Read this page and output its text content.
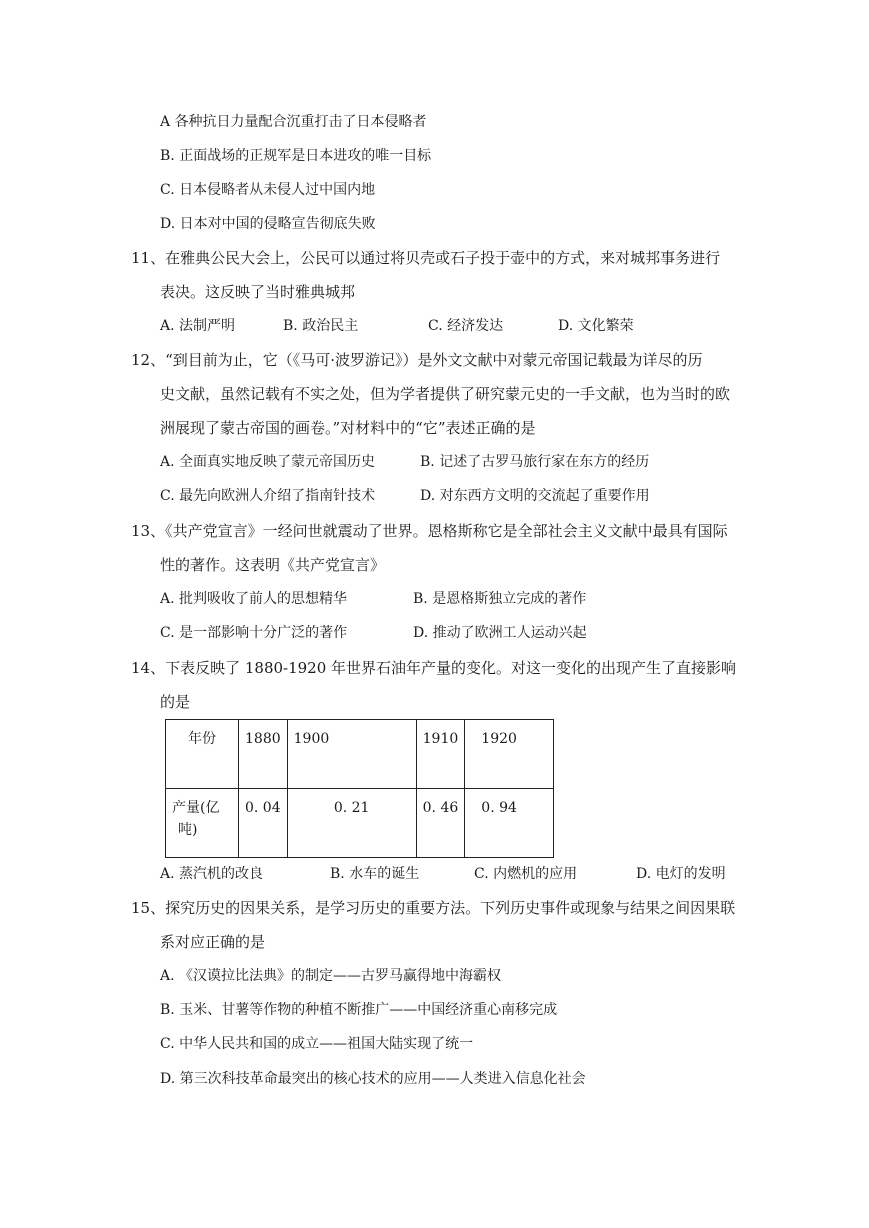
A 各种抗日力量配合沉重打击了日本侵略者
B. 正面战场的正规军是日本进攻的唯一目标
C. 日本侵略者从未侵人过中国内地
D. 日本对中国的侵略宣告彻底失败
11、在雅典公民大会上，公民可以通过将贝壳或石子投于壶中的方式，来对城邦事务进行
表决。这反映了当时雅典城邦
A. 法制严明	B. 政治民主	C. 经济发达	D. 文化繁荣
12、“到目前为止，它（《马可·波罗游记》）是外文文献中对蒙元帝国记载最为详尽的历
史文献，虽然记载有不实之处，但为学者提供了研究蒙元史的一手文献，也为当时的欧
洲展现了蒙古帝国的画卷。”对材料中的“它”表述正确的是
A. 全面真实地反映了蒙元帝国历史	B. 记述了古罗马旅行家在东方的经历
C. 最先向欧洲人介绍了指南针技术	D. 对东西方文明的交流起了重要作用
13、《共产党宣言》一经问世就震动了世界。恩格斯称它是全部社会主义文献中最具有国际
性的著作。这表明《共产党宣言》
A. 批判吸收了前人的思想精华	B. 是恩格斯独立完成的著作
C. 是一部影响十分广泛的著作	D. 推动了欧洲工人运动兴起
14、下表反映了 1880-1920 年世界石油年产量的变化。对这一变化的出现产生了直接影响
的是
年份	1880	1900	1910	1920
产量(亿
吨)	0. 04	0. 21	0. 46	0. 94
A. 蒸汽机的改良	B. 水车的诞生	C. 内燃机的应用	D. 电灯的发明
15、探究历史的因果关系，是学习历史的重要方法。下列历史事件或现象与结果之间因果联
系对应正确的是
A. 《汉谟拉比法典》的制定——古罗马赢得地中海霸权
B. 玉米、甘薯等作物的种植不断推广——中国经济重心南移完成
C. 中华人民共和国的成立——祖国大陆实现了统一
D. 第三次科技革命最突出的核心技术的应用——人类进入信息化社会
